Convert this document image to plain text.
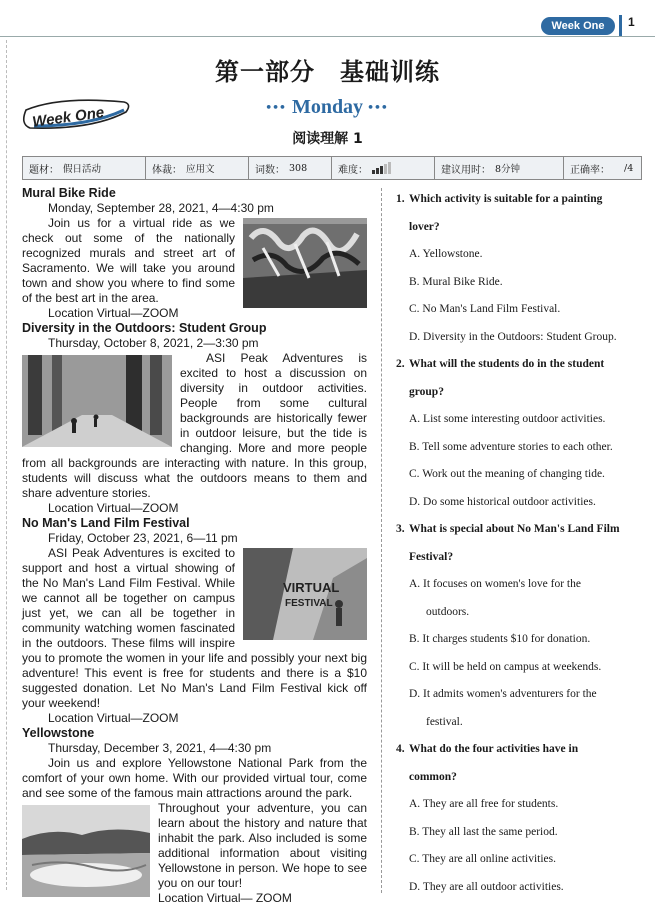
Week One	1
第一部分　基础训练
Week One	••• Monday •••
阅读理解 1
题材： 假日活动	体裁： 应用文	词数： 308	难度：	建议用时： 8分钟	正确率： /4

Mural Bike Ride

Monday, September 28, 2021, 4—4:30 pm

Join us for a virtual ride as we check out some of the nationally recognized murals and street art of Sacramento. We will take you around town and show you where to find some of the best art in the area.

Location Virtual—ZOOM

Diversity in the Outdoors: Student Group

Thursday, October 8, 2021, 2—3:30 pm

ASI Peak Adventures is excited to host a discussion on diversity in outdoor activities. People from some cultural backgrounds are historically fewer in outdoor leisure, but the tide is changing. More and more people from all backgrounds are interacting with nature. In this group, students will discuss what the outdoors means to them and share adventure stories.

Location Virtual—ZOOM

No Man's Land Film Festival

Friday, October 23, 2021, 6—11 pm

VIRTUAL
FESTIVAL

ASI Peak Adventures is excited to support and host a virtual showing of the No Man's Land Film Festival. While we cannot all be together on campus just yet, we can all be together in community watching women fascinated in the outdoors. These films will inspire you to promote the women in your life and possibly your next big adventure! This event is free for students and there is a $10 suggested donation. Let No Man's Land Film Festival kick off your weekend!

Location Virtual—ZOOM

Yellowstone

Thursday, December 3, 2021, 4—4:30 pm

Join us and explore Yellowstone National Park from the comfort of your own home. With our provided virtual tour, come and see some of the famous main attractions around the park.

Throughout your adventure, you can learn about the history and nature that inhabit the park. Also included is some additional information about visiting Yellowstone in person. We hope to see you on our tour!

Location Virtual— ZOOM

1. Which activity is suitable for a painting
lover?
A. Yellowstone.
B. Mural Bike Ride.
C. No Man's Land Film Festival.
D. Diversity in the Outdoors: Student Group.
2. What will the students do in the student
group?
A. List some interesting outdoor activities.
B. Tell some adventure stories to each other.
C. Work out the meaning of changing tide.
D. Do some historical outdoor activities.
3. What is special about No Man's Land Film
Festival?
A. It focuses on women's love for the
outdoors.
B. It charges students $10 for donation.
C. It will be held on campus at weekends.
D. It admits women's adventurers for the
festival.
4. What do the four activities have in
common?
A. They are all free for students.
B. They all last the same period.
C. They are all online activities.
D. They are all outdoor activities.
